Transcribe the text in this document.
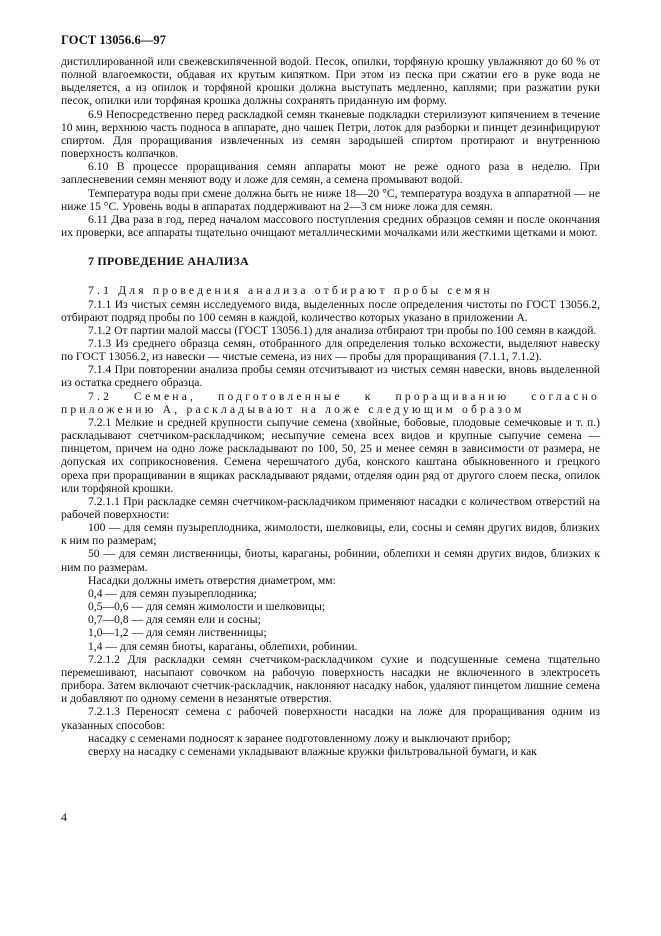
ГОСТ 13056.6—97

дистиллированной или свежевскипяченной водой. Песок, опилки, торфяную крошку увлажняют до 60 % от полной влагоемкости, обдавая их крутым кипятком. При этом из песка при сжатии его в руке вода не выделяется, а из опилок и торфяной крошки должна выступать медленно, каплями; при разжатии руки песок, опилки или торфяная крошка должны сохранять приданную им форму.

6.9 Непосредственно перед раскладкой семян тканевые подкладки стерилизуют кипячением в течение 10 мин, верхнюю часть подноса в аппарате, дно чашек Петри, лоток для разборки и пинцет дезинфицируют спиртом. Для проращивания извлеченных из семян зародышей спиртом протирают и внутреннюю поверхность колпачков.

6.10 В процессе проращивания семян аппараты моют не реже одного раза в неделю. При заплесневении семян меняют воду и ложе для семян, а семена промывают водой.

Температура воды при смене должна быть не ниже 18—20 °С, температура воздуха в аппаратной — не ниже 15 °С. Уровень воды в аппаратах поддерживают на 2—3 см ниже ложа для семян.

6.11 Два раза в год, перед началом массового поступления средних образцов семян и после окончания их проверки, все аппараты тщательно очищают металлическими мочалками или жесткими щетками и моют.

7 ПРОВЕДЕНИЕ АНАЛИЗА

7.1 Для проведения анализа отбирают пробы семян

7.1.1 Из чистых семян исследуемого вида, выделенных после определения чистоты по ГОСТ 13056.2, отбирают подряд пробы по 100 семян в каждой, количество которых указано в приложении А.

7.1.2 От партии малой массы (ГОСТ 13056.1) для анализа отбирают три пробы по 100 семян в каждой.

7.1.3 Из среднего образца семян, отобранного для определения только всхожести, выделяют навеску по ГОСТ 13056.2, из навески — чистые семена, из них — пробы для проращивания (7.1.1, 7.1.2).

7.1.4 При повторении анализа пробы семян отсчитывают из чистых семян навески, вновь выделенной из остатка среднего образца.

7.2 Семена, подготовленные к проращиванию согласно приложению А, раскладывают на ложе следующим образом

7.2.1 Мелкие и средней крупности сыпучие семена (хвойные, бобовые, плодовые семечковые и т. п.) раскладывают счетчиком-раскладчиком; несыпучие семена всех видов и крупные сыпучие семена — пинцетом, причем на одно ложе раскладывают по 100, 50, 25 и менее семян в зависимости от размера, не допуская их соприкосновения. Семена черешчатого дуба, конского каштана обыкновенного и грецкого ореха при проращивании в ящиках раскладывают рядами, отделяя один ряд от другого слоем песка, опилок или торфяной крошки.

7.2.1.1 При раскладке семян счетчиком-раскладчиком применяют насадки с количеством отверстий на рабочей поверхности:

100 — для семян пузыреплодника, жимолости, шелковицы, ели, сосны и семян других видов, близких к ним по размерам;

50 — для семян лиственницы, биоты, караганы, робинии, облепихи и семян других видов, близких к ним по размерам.

Насадки должны иметь отверстия диаметром, мм:

0,4 — для семян пузыреплодника;

0,5—0,6 — для семян жимолости и шелковицы;

0,7—0,8 — для семян ели и сосны;

1,0—1,2 — для семян лиственницы;

1,4 — для семян биоты, караганы, облепихи, робинии.

7.2.1.2 Для раскладки семян счетчиком-раскладчиком сухие и подсушенные семена тщательно перемешивают, насыпают совочком на рабочую поверхность насадки не включенного в электросеть прибора. Затем включают счетчик-раскладчик, наклоняют насадку набок, удаляют пинцетом лишние семена и добавляют по одному семени в незанятые отверстия.

7.2.1.3 Переносят семена с рабочей поверхности насадки на ложе для проращивания одним из указанных способов:

насадку с семенами подносят к заранее подготовленному ложу и выключают прибор;

сверху на насадку с семенами укладывают влажные кружки фильтровальной бумаги, и как

4
